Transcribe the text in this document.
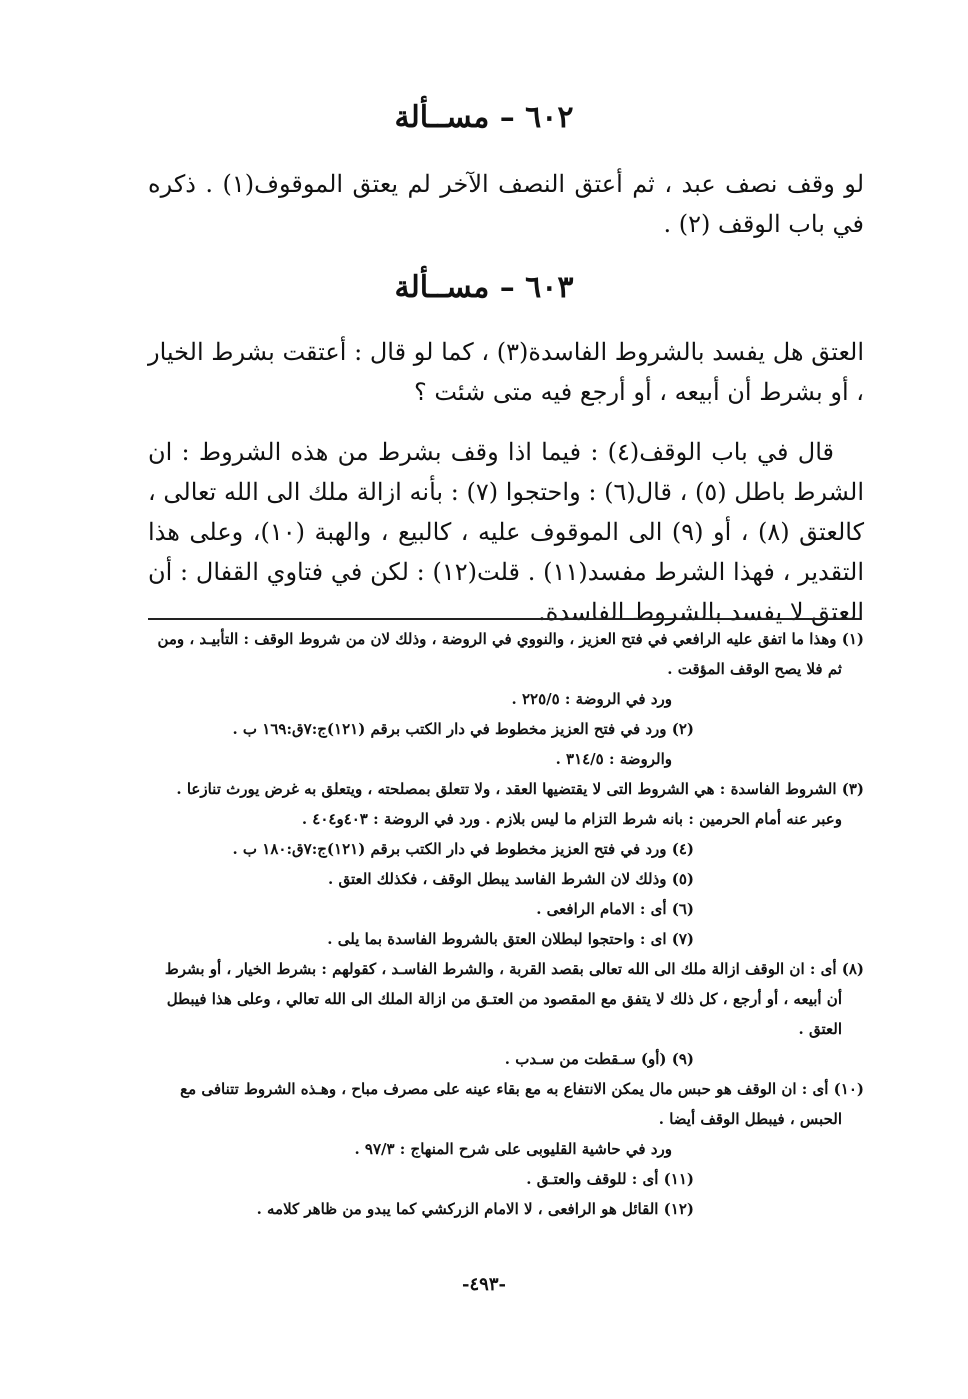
٦٠٢ – مســألة

لو وقف نصف عبد ، ثم أعتق النصف الآخر لم يعتق الموقوف(١) . ذكره في باب الوقف (٢) .

٦٠٣ – مســألة

العتق هل يفسد بالشروط الفاسدة(٣) ، كما لو قال : أعتقت بشرط الخيار ، أو بشرط أن أبيعه ، أو أرجع فيه متى شئت ؟

قال في باب الوقف(٤) : فيما اذا وقف بشرط من هذه الشروط : ان الشرط باطل (٥) ، قال(٦) : واحتجوا (٧) : بأنه ازالة ملك الى الله تعالى ، كالعتق (٨) ، أو (٩) الى الموقوف عليه ، كالبيع ، والهبة (١٠)، وعلى هذا التقدير ، فهذا الشرط مفسد(١١) . قلت(١٢) : لكن في فتاوي القفال : أن العتق لا يفسد بالشروط الفاسدة.

(١) وهذا ما اتفق عليه الرافعي في فتح العزيز ، والنووي في الروضة ، وذلك لان من شروط الوقف : التأبيـد ، ومن ثم فلا يصح الوقف المؤقت .

ورد في الروضة : ٢٢٥/٥ .

(٢) ورد في فتح العزيز مخطوط في دار الكتب برقم (١٢١)ج:٧ق:١٦٩ ب .

والروضة : ٣١٤/٥ .

(٣) الشروط الفاسدة : هي الشروط التى لا يقتضيها العقد ، ولا تتعلق بمصلحته ، ويتعلق به غرض يورث تنازعا .

وعبر عنه أمام الحرمين : بانه شرط التزام ما ليس بلازم . ورد في الروضة : ٤٠٣و٤٠٤ .

(٤) ورد في فتح العزيز مخطوط في دار الكتب برقم (١٢١)ج:٧ق:١٨٠ ب .

(٥) وذلك لان الشرط الفاسد يبطل الوقف ، فكذلك العتق .

(٦) أى : الامام الرافعى .

(٧) اى : واحتجوا لبطلان العتق بالشروط الفاسدة بما يلى .

(٨) أى : ان الوقف ازالة ملك الى الله تعالى بقصد القربة ، والشرط الفاسـد ، كقولهم : بشرط الخيار ، أو بشرط أن أبيعه ، أو أرجع ، كل ذلك لا يتفق مع المقصود من العتـق من ازالة الملك الى الله تعالي ، وعلى هذا فيبطل العتق .

(٩) (أو) سـقطت من سـدب .

(١٠) أى : ان الوقف هو حبس مال يمكن الانتفاع به مع بقاء عينه على مصرف مباح ، وهـذه الشروط تتنافى مع الحبس ، فيبطل الوقف أيضا .

ورد في حاشية القليوبى على شرح المنهاج : ٩٧/٣ .

(١١) أى : للوقف والعتـق .

(١٢) القائل هو الرافعى ، لا الامام الزركشي كما يبدو من ظاهر كلامه .

-٤٩٣-
